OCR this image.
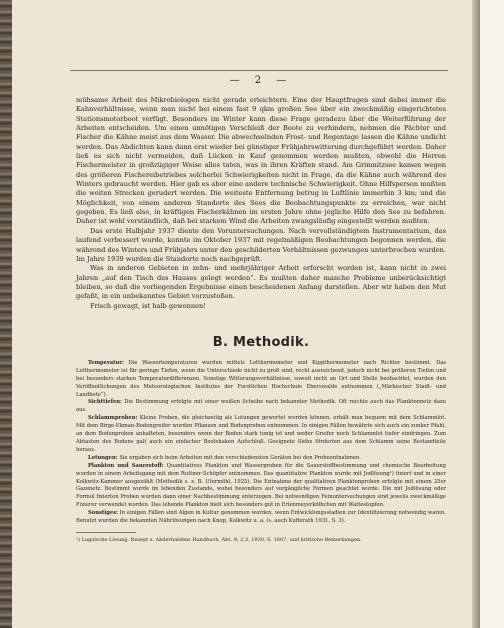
— 2 —

mühsame Arbeit des Mikrobiologen nicht gerade erleichtern. Eine der Hauptfragen sind dabei immer die Kahnverhältnisse, wenn man nicht bei einem fast 9 qkm großen See über ein zweckmäßig eingerichtetes Stationsmotorboot verfügt. Besonders im Winter kann diese Frage geradezu über die Weiterführung der Arbeiten entscheiden. Um einen unnötigen Verschleiß der Boote zu verhindern, nehmen die Pächter und Fischer die Kähne meist aus dem Wasser. Die abwechselnden Frost- und Regentage lassen die Kähne undicht werden. Das Abdichten kann dann erst wieder bei günstiger Frühjahrswitterung durchgeführt werden. Daher ließ es sich nicht vermeiden, daß Lücken in Kauf genommen werden mußten, obwohl die Herren Fischermeister in großzügiger Weise alles taten, was in ihren Kräften stand. Am Grimnitzsee kamen wegen des größeren Fischereibetriebes solcherlei Schwierigkeiten nicht in Frage, da die Kähne auch während des Winters gebraucht werden. Hier gab es aber eine andere technische Schwierigkeit. Ohne Hilfsperson mußten die weiten Strecken gerudert werden. Die weiteste Entfernung betrug in Luftlinie immerhin 3 km; und die Möglichkeit, von einem anderen Standorte des Sees die Beobachtungspunkte zu erreichen, war nicht gegeben. Es ließ also, in kräftigen Fischerkähnen im ersten Jahre ohne jegliche Hilfe den See zu befahren. Daher ist wohl verständlich, daß bei starkem Wind die Arbeiten zwangsläufig eingestellt werden mußten.

Das erste Halbjahr 1937 diente den Voruntersuchungen. Nach vervollständigtem Instrumentarium, das laufend verbessert wurde, konnte im Oktober 1937 mit regelmäßigen Beobachtungen begonnen werden, die während des Winters und Frühjahrs unter den geschilderten Verhältnissen gezwungen unterbrochen wurden. Im Jahre 1939 wurden die Standorte noch nachgeprüft.

Was in anderen Gebieten in zehn- und mehrjähriger Arbeit erforscht worden ist, kann nicht in zwei Jahren „auf den Tisch des Hauses gelegt werden“. Es mußten daher manche Probleme unberücksichtigt bleiben, so daß die vorliegenden Ergebnisse einen bescheidenen Anfang darstellen. Aber wir haben den Mut gefaßt, in ein unbekanntes Gebiet vorzustoßen.

Frisch gewagt, ist halb gewonnen!

B. Methodik.

Temperatur: Die Wassertemperaturen wurden mittels Lotthermometer und Kippthermometer nach Richter bestimmt. Das Lotthermometer ist für geringe Tiefen, wenn die Unterschiede nicht zu groß sind, recht ausreichend, jedoch nicht bei größeren Tiefen und bei besonders starken Temperaturdifferenzen. Sonstige Witterungsverhältnisse, soweit nicht an Ort und Stelle beobachtet, wurden den Veröffentlichungen des Meteorologischen Institutes der Forstlichen Hochschule Eberswalde entnommen („Märkischer Stadt- und Landbote“).

Sichttiefen: Die Bestimmung erfolgte mit einer weißen Scheibe nach bekannter Methodik. Oft reichte auch das Planktonnetz dazu aus.

Schlammproben: Kleine Proben, die gleichzeitig als Lotungen gewertet werden können, erhält man bequem mit dem Schlammlot. Mit dem Birge-Ekman-Bodengreifer wurden Pflanzen und Bodenproben entnommen. In einigen Fällen bewährte sich auch ein zunker Pfahl, an dem Bodenproben anhafteten, besonders wenn der Boden stark tonig ist und weder Greifer noch Schlammlot tiefer eindringen. Zum Abtasten des Bodens galt auch ein einfacher Bootshaken Aufschluß. Geeignete Siebe förderten aus dem Schlamm seine Bestandteile heraus.

Lotungen: Sie ergaben sich beim Arbeiten mit den verschiedensten Geräten bei den Probeentnahmen.

Plankton und Sauerstoff: Quantitatives Plankton und Wasserproben für die Sauerstoffbestimmung und chemische Bearbeitung wurden in einem Arbeitsgang mit dem Ruttner-Schöpfer entnommen. Das quantitative Plankton wurde mit Jodlösung¹) fixiert und in einer Kolkwitz-Kammer ausgezählt (Methodik s. z. B. Utermöhl, 1925). Die Entnahme der qualitativen Planktonproben erfolgte mit einem 25er Gazenetz. Bestimmt wurde im lebenden Zustande, wobei besonders auf vergängliche Formen geachtet wurde. Die mit Jodlösung oder Formol fixierten Proben wurden dann einer Nachbestimmung unterzogen. Bei notwendigen Feinuntersuchungen sind jeweils zweckmäßige Fixierer verwendet worden. Das lebende Plankton hielt sich besonders gut in Erlenmeyerkölbchen mit Wattestopfen.

Sonstiges: In einigen Fällen sind Algen in Kultur genommen worden, wenn Entwicklungsstadien zur Identifizierung notwendig waren. Benutzt wurden die bekannten Nährlösungen nach Knop, Kolkwitz u. a. (s. auch Kufferath 1931, S. 3).

¹) Lugolsche Lösung. Rezept s. Abderhaldens Handbuch, Abt. 9; 2,3, 1930, S. 1607, und kritische Bemerkungen.
